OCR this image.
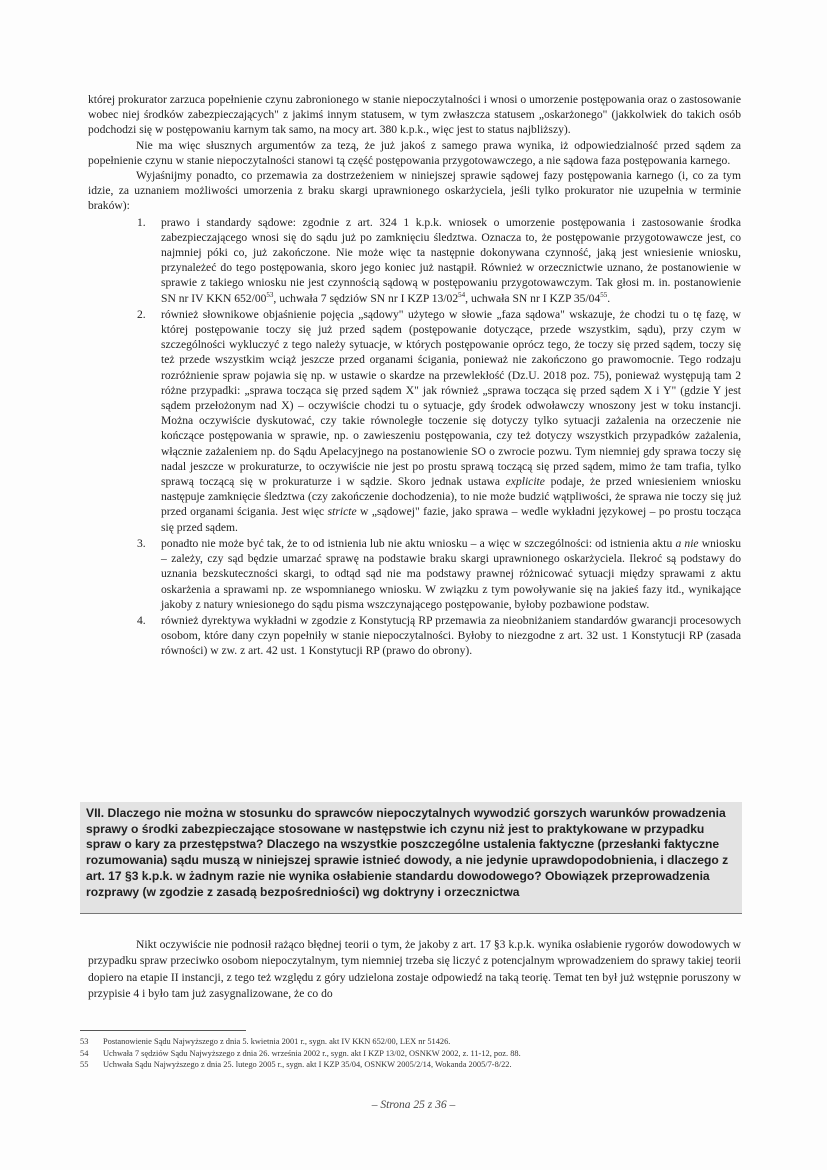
której prokurator zarzuca popełnienie czynu zabronionego w stanie niepoczytalności i wnosi o umorzenie postępowania oraz o zastosowanie wobec niej środków zabezpieczających" z jakimś innym statusem, w tym zwłaszcza statusem „oskarżonego" (jakkolwiek do takich osób podchodzi się w postępowaniu karnym tak samo, na mocy art. 380 k.p.k., więc jest to status najbliższy).

Nie ma więc słusznych argumentów za tezą, że już jakoś z samego prawa wynika, iż odpowiedzialność przed sądem za popełnienie czynu w stanie niepoczytalności stanowi tą część postępowania przygotowawczego, a nie sądowa faza postępowania karnego.

Wyjaśnijmy ponadto, co przemawia za dostrzeżeniem w niniejszej sprawie sądowej fazy postępowania karnego (i, co za tym idzie, za uznaniem możliwości umorzenia z braku skargi uprawnionego oskarżyciela, jeśli tylko prokurator nie uzupełnia w terminie braków):

1. prawo i standardy sądowe: zgodnie z art. 324 1 k.p.k. wniosek o umorzenie postępowania i zastosowanie środka zabezpieczającego wnosi się do sądu już po zamknięciu śledztwa. Oznacza to, że postępowanie przygotowawcze jest, co najmniej póki co, już zakończone. Nie może więc ta następnie dokonywana czynność, jaką jest wniesienie wniosku, przynależeć do tego postępowania, skoro jego koniec już nastąpił. Również w orzecznictwie uznano, że postanowienie w sprawie z takiego wniosku nie jest czynnością sądową w postępowaniu przygotowawczym. Tak głosi m. in. postanowienie SN nr IV KKN $652/00^{53}$, uchwała 7 sędziów SN nr I KZP $13/02^{54}$, uchwała SN nr I KZP $35/04^{55}$.
2. również słownikowe objaśnienie pojęcia „sądowy" użytego w słowie „faza sądowa" wskazuje, że chodzi tu o tę fazę, w której postępowanie toczy się już przed sądem (postępowanie dotyczące, przede wszystkim, sądu), przy czym w szczególności wykluczyć z tego należy sytuacje, w których postępowanie oprócz tego, że toczy się przed sądem, toczy się też przede wszystkim wciąż jeszcze przed organami ścigania, ponieważ nie zakończono go prawomocnie. Tego rodzaju rozróżnienie spraw pojawia się np. w ustawie o skardze na przewlekłość (Dz.U. 2018 poz. 75), ponieważ występują tam 2 różne przypadki: „sprawa tocząca się przed sądem X" jak również „sprawa tocząca się przed sądem X i Y" (gdzie Y jest sądem przełożonym nad X) – oczywiście chodzi tu o sytuacje, gdy środek odwoławczy wnoszony jest w toku instancji. Można oczywiście dyskutować, czy takie równoległe toczenie się dotyczy tylko sytuacji zażalenia na orzeczenie nie kończące postępowania w sprawie, np. o zawieszeniu postępowania, czy też dotyczy wszystkich przypadków zażalenia, włącznie zażaleniem np. do Sądu Apelacyjnego na postanowienie SO o zwrocie pozwu. Tym niemniej gdy sprawa toczy się nadal jeszcze w prokuraturze, to oczywiście nie jest po prostu sprawą toczącą się przed sądem, mimo że tam trafia, tylko sprawą toczącą się w prokuraturze i w sądzie. Skoro jednak ustawa explicite podaje, że przed wniesieniem wniosku następuje zamknięcie śledztwa (czy zakończenie dochodzenia), to nie może budzić wątpliwości, że sprawa nie toczy się już przed organami ścigania. Jest więc stricte w „sądowej" fazie, jako sprawa – wedle wykładni językowej – po prostu tocząca się przed sądem.
3. ponadto nie może być tak, że to od istnienia lub nie aktu wniosku – a więc w szczególności: od istnienia aktu a nie wniosku – zależy, czy sąd będzie umarzać sprawę na podstawie braku skargi uprawnionego oskarżyciela. Ilekroć są podstawy do uznania bezskuteczności skargi, to odtąd sąd nie ma podstawy prawnej różnicować sytuacji między sprawami z aktu oskarżenia a sprawami np. ze wspomnianego wniosku. W związku z tym powoływanie się na jakieś fazy itd., wynikające jakoby z natury wniesionego do sądu pisma wszczynającego postępowanie, byłoby pozbawione podstaw.
4. również dyrektywa wykładni w zgodzie z Konstytucją RP przemawia za nieobniżaniem standardów gwarancji procesowych osobom, które dany czyn popełniły w stanie niepoczytalności. Byłoby to niezgodne z art. 32 ust. 1 Konstytucji RP (zasada równości) w zw. z art. 42 ust. 1 Konstytucji RP (prawo do obrony).
VII. Dlaczego nie można w stosunku do sprawców niepoczytalnych wywodzić gorszych warunków prowadzenia sprawy o środki zabezpieczające stosowane w następstwie ich czynu niż jest to praktykowane w przypadku spraw o kary za przestępstwa? Dlaczego na wszystkie poszczególne ustalenia faktyczne (przesłanki faktyczne rozumowania) sądu muszą w niniejszej sprawie istnieć dowody, a nie jedynie uprawdopodobnienia, i dlaczego z art. 17 §3 k.p.k. w żadnym razie nie wynika osłabienie standardu dowodowego? Obowiązek przeprowadzenia rozprawy (w zgodzie z zasadą bezpośredniości) wg doktryny i orzecznictwa

Nikt oczywiście nie podnosił rażąco błędnej teorii o tym, że jakoby z art. 17 §3 k.p.k. wynika osłabienie rygorów dowodowych w przypadku spraw przeciwko osobom niepoczytalnym, tym niemniej trzeba się liczyć z potencjalnym wprowadzeniem do sprawy takiej teorii dopiero na etapie II instancji, z tego też względu z góry udzielona zostaje odpowiedź na taką teorię. Temat ten był już wstępnie poruszony w przypisie 4 i było tam już zasygnalizowane, że co do

53	Postanowienie Sądu Najwyższego z dnia 5. kwietnia 2001 r., sygn. akt IV KKN 652/00, LEX nr 51426.
54	Uchwała 7 sędziów Sądu Najwyższego z dnia 26. września 2002 r., sygn. akt I KZP 13/02, OSNKW 2002, z. 11-12, poz. 88.
55	Uchwała Sądu Najwyższego z dnia 25. lutego 2005 r., sygn. akt I KZP 35/04, OSNKW 2005/2/14, Wokanda 2005/7-8/22.
– Strona 25 z 36 –
